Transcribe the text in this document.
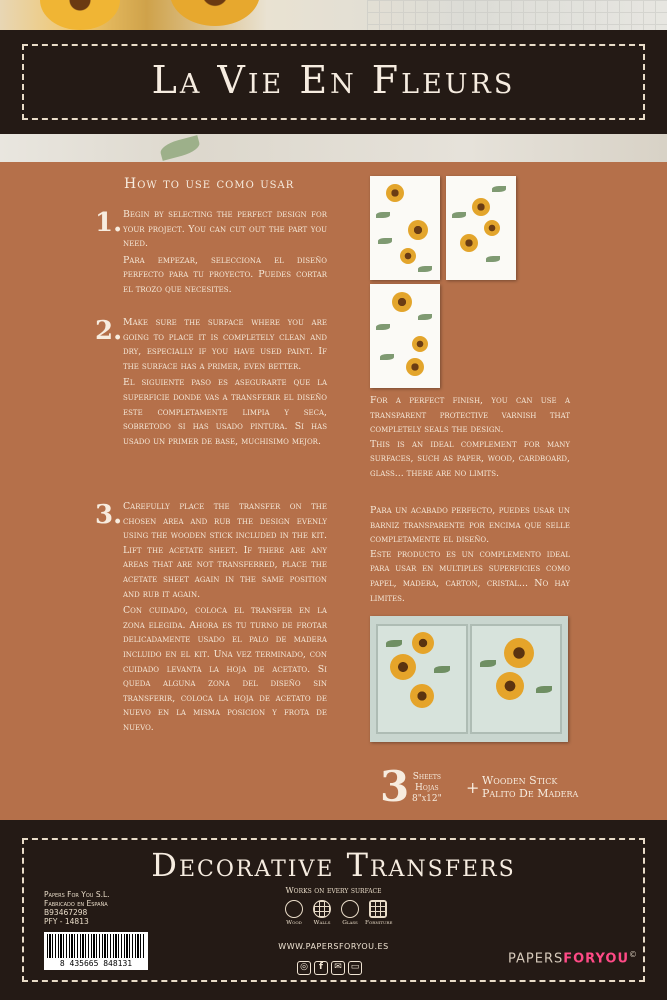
La Vie En Fleurs
How to use como usar
1. Begin by selecting the perfect design for your project. You can cut out the part you need.

Para empezar, selecciona el diseño perfecto para tu proyecto. Puedes cortar el trozo que necesites.

2. Make sure the surface where you are going to place it is completely clean and dry, especially if you have used paint. If the surface has a primer, even better.

El siguiente paso es asegurarte que la superficie donde vas a transferir el diseño este completamente limpia y seca, sobretodo si has usado pintura. Si has usado un primer de base, muchisimo mejor.

3. Carefully place the transfer on the chosen area and rub the design evenly using the wooden stick included in the kit. Lift the acetate sheet. If there are any areas that are not transferred, place the acetate sheet again in the same position and rub it again.

Con cuidado, coloca el transfer en la zona elegida. Ahora es tu turno de frotar delicadamente usado el palo de madera incluido en el kit. Una vez terminado, con cuidado levanta la hoja de acetato. Si queda alguna zona del diseño sin transferir, coloca la hoja de acetato de nuevo en la misma posicion y frota de nuevo.

For a perfect finish, you can use a transparent protective varnish that completely seals the design.

This is an ideal complement for many surfaces, such as paper, wood, cardboard, glass... there are no limits.

Para un acabado perfecto, puedes usar un barniz transparente por encima que selle completamente el diseño.

Este producto es un complemento ideal para usar en multiples superficies como papel, madera, carton, cristal... No hay limites.

3 Sheets
Hojas
8"x12"
+ Wooden Stick
Palito De Madera
Decorative Transfers
Papers For You S.L.
Fabricado en España
B93467298
PFY - 14813
8 435665 848131
Works on every surface
Wood	Walls	Glass	Forniture
WWW.PAPERSFORYOU.ES
◎ f ✉ ▭
PAPERSFORYOU©
